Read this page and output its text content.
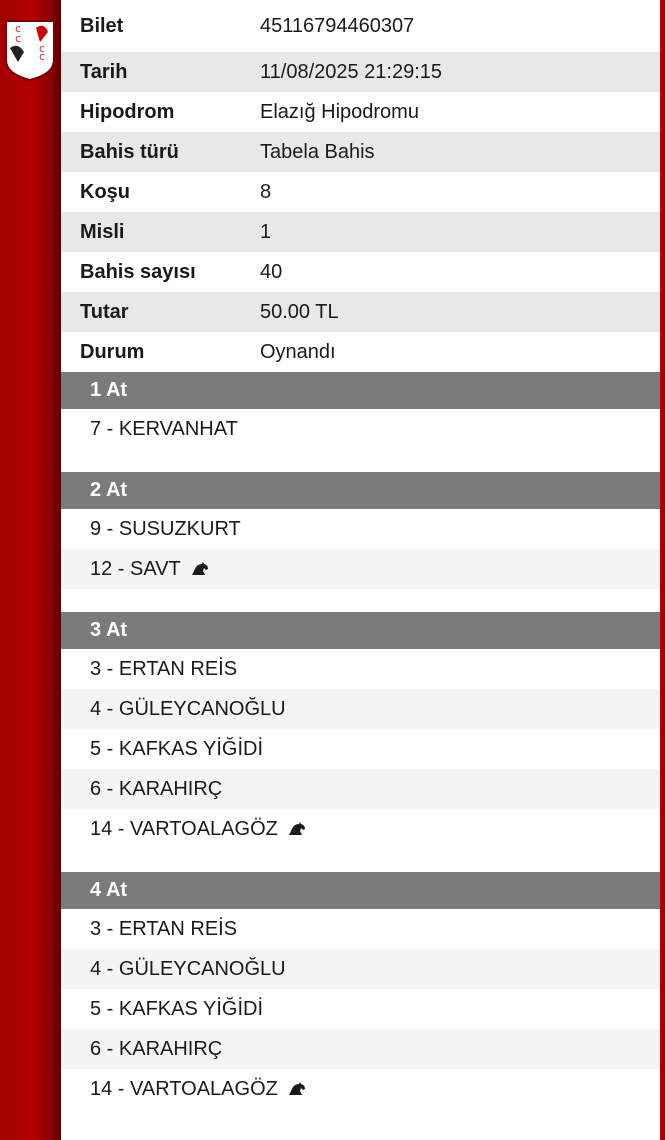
C
C
C
C
Bilet	45116794460307
Tarih	11/08/2025 21:29:15
Hipodrom	Elazığ Hipodromu
Bahis türü	Tabela Bahis
Koşu	8
Misli	1
Bahis sayısı	40
Tutar	50.00 TL
Durum	Oynandı
1 At
7 - KERVANHAT
2 At
9 - SUSUZKURT
12 - SAVT
3 At
3 - ERTAN REİS
4 - GÜLEYCANOĞLU
5 - KAFKAS YİĞİDİ
6 - KARAHIRÇ
14 - VARTOALAGÖZ
4 At
3 - ERTAN REİS
4 - GÜLEYCANOĞLU
5 - KAFKAS YİĞİDİ
6 - KARAHIRÇ
14 - VARTOALAGÖZ
